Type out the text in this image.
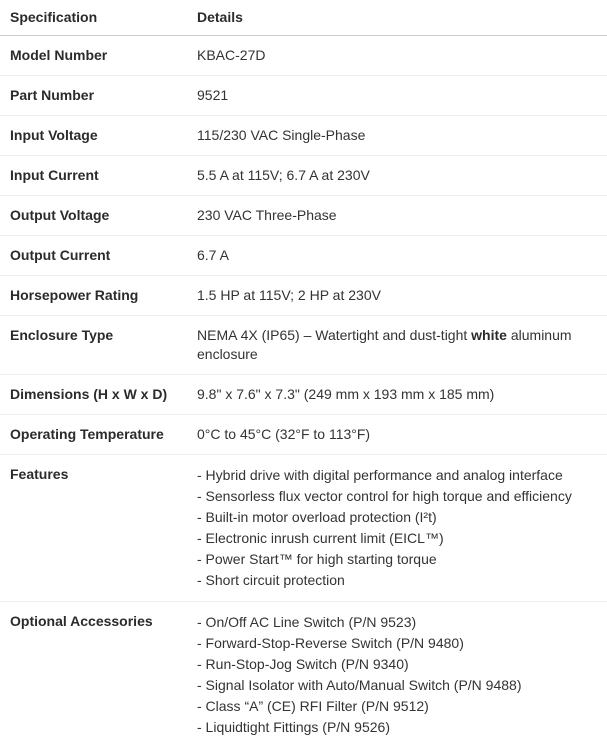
Specification	Details
Model Number	KBAC-27D
Part Number	9521
Input Voltage	115/230 VAC Single-Phase
Input Current	5.5 A at 115V; 6.7 A at 230V
Output Voltage	230 VAC Three-Phase
Output Current	6.7 A
Horsepower Rating	1.5 HP at 115V; 2 HP at 230V
Enclosure Type	NEMA 4X (IP65) – Watertight and dust-tight white aluminum enclosure
Dimensions (H x W x D)	9.8" x 7.6" x 7.3" (249 mm x 193 mm x 185 mm)
Operating Temperature	0°C to 45°C (32°F to 113°F)
Features	- Hybrid drive with digital performance and analog interface
- Sensorless flux vector control for high torque and efficiency
- Built-in motor overload protection (I²t)
- Electronic inrush current limit (EICL™)
- Power Start™ for high starting torque
- Short circuit protection
Optional Accessories	- On/Off AC Line Switch (P/N 9523)
- Forward-Stop-Reverse Switch (P/N 9480)
- Run-Stop-Jog Switch (P/N 9340)
- Signal Isolator with Auto/Manual Switch (P/N 9488)
- Class “A” (CE) RFI Filter (P/N 9512)
- Liquidtight Fittings (P/N 9526)
